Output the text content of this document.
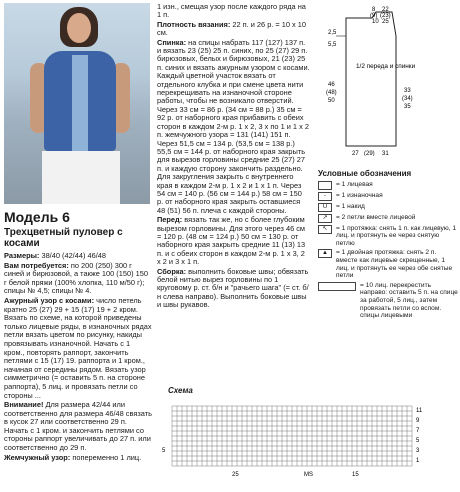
Модель 6
Трехцветный пуловер с косами
Размеры: 38/40 (42/44) 46/48
Вам потребуется: по 200 (250) 300 г синей и бирюзовой, а также 100 (150) 150 г белой пряжи (100% хлопка, 110 м/50 г); спицы № 4,5; спицы № 4.
Ажурный узор с косами: число петель кратно 25 (27) 29 + 15 (17) 19 + 2 кром. Вязать по схеме, на которой приведены только лицевые ряды, в изнаночных рядах петли вязать цветом по рисунку, накиды провязывать изнаночной. Начать с 1 кром., повторять раппорт, закончить петлями с 15 (17) 19. раппорта и 1 кром., начиная от середины рядом. Вязать узор симметрично (= оставить 5 п. на стороне раппорта), 5 лиц. и провязать петли со стороны ...
Внимание! Для размера 42/44 или соответственно для размера 46/48 связать в кусок 27 или соответственно 29 п. Начать с 1 кром. и закончить петлями со стороны раппорт увеличивать до 27 п. или соответственно до 29 п.
Жемчужный узор: попеременно 1 лиц.
1 изн., смещая узор после каждого ряда на 1 п.
Плотность вязания: 22 п. и 26 р. = 10 х 10 см.
Спинка: на спицы набрать 117 (127) 137 п. и вязать 23 (25) 25 п. синих, по 25 (27) 29 п. бирюзовых, белых и бирюзовых, 21 (23) 25 п. синих и вязать ажурным узором с косами. Каждый цветной участок вязать от отдельного клубка и при смене цвета нити перекрещивать на изнаночной стороне работы, чтобы не возникало отверстий. Через 33 см = 86 р. (34 см = 88 р.) 35 см = 92 р. от наборного края прибавить с обеих сторон в каждом 2-м р. 1 х 2, 3 х по 1 и 1 х 2 п. жемчужного узора = 131 (141) 151 п. Через 51,5 см = 134 р. (53,5 см = 138 р.) 55,5 см = 144 р. от наборного края закрыть для вырезов горловины средние 25 (27) 27 п. и каждую сторону закончить раздельно. Для закругления закрыть с внутреннего края в каждом 2-м р. 1 х 2 и 1 х 1 п. Через 54 см = 140 р. (56 см = 144 р.) 58 см = 150 р. от наборного края закрыть оставшиеся 48 (51) 56 п. плеча с каждой стороны.
Перед: вязать так же, но с более глубоким вырезом горловины. Для этого через 46 см = 120 р. (48 см = 124 р.) 50 см = 130 р. от наборного края закрыть средние 11 (13) 13 п. и с обеих сторон в каждом 2-м р. 1 х 3, 2 х 2 и 3 х 1 п.
Сборка: выполнить боковые швы; обвязать белой нитью вырез горловины по 1 круговому р. ст. б/н и "рачьего шага" (= ст. б/н слева направо). Выполнить боковые швы и швы рукавов.
8 22
(23)
25
(9)
10
2,5
5,5
46
(48)
50
1/2 переда и спинки
33
(34)
35
27 (29) 31
Условные обозначения
= 1 лицевая
-	= 1 изнаночная
U	= 1 накид
↗	= 2 петли вместе лицевой
↖	= 1 протяжка: снять 1 п. как лицевую, 1 лиц. и протянуть ее через снятую петлю
▲	= 1 двойная протяжка: снять 2 п. вместе как лицевые скрещенные, 1 лиц. и протянуть ее через обе снятые петли
= 10 лиц. перекрестить направо: оставить 5 п. на спице за работой, 5 лиц., затем провязать петли со вспом. спицы лицевыми
Схема
11
9
7
5
3
1
5
MS
25	15
